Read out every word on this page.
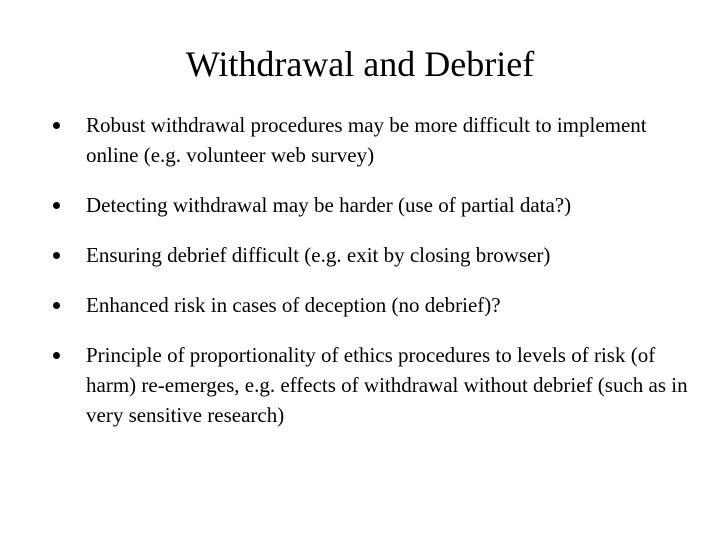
Withdrawal and Debrief
Robust withdrawal procedures may be more difficult to implement online (e.g. volunteer web survey)
Detecting withdrawal may be harder (use of partial data?)
Ensuring debrief difficult (e.g. exit by closing browser)
Enhanced risk in cases of deception (no debrief)?
Principle of proportionality of ethics procedures to levels of risk (of harm) re-emerges, e.g. effects of withdrawal without debrief (such as in very sensitive research)
